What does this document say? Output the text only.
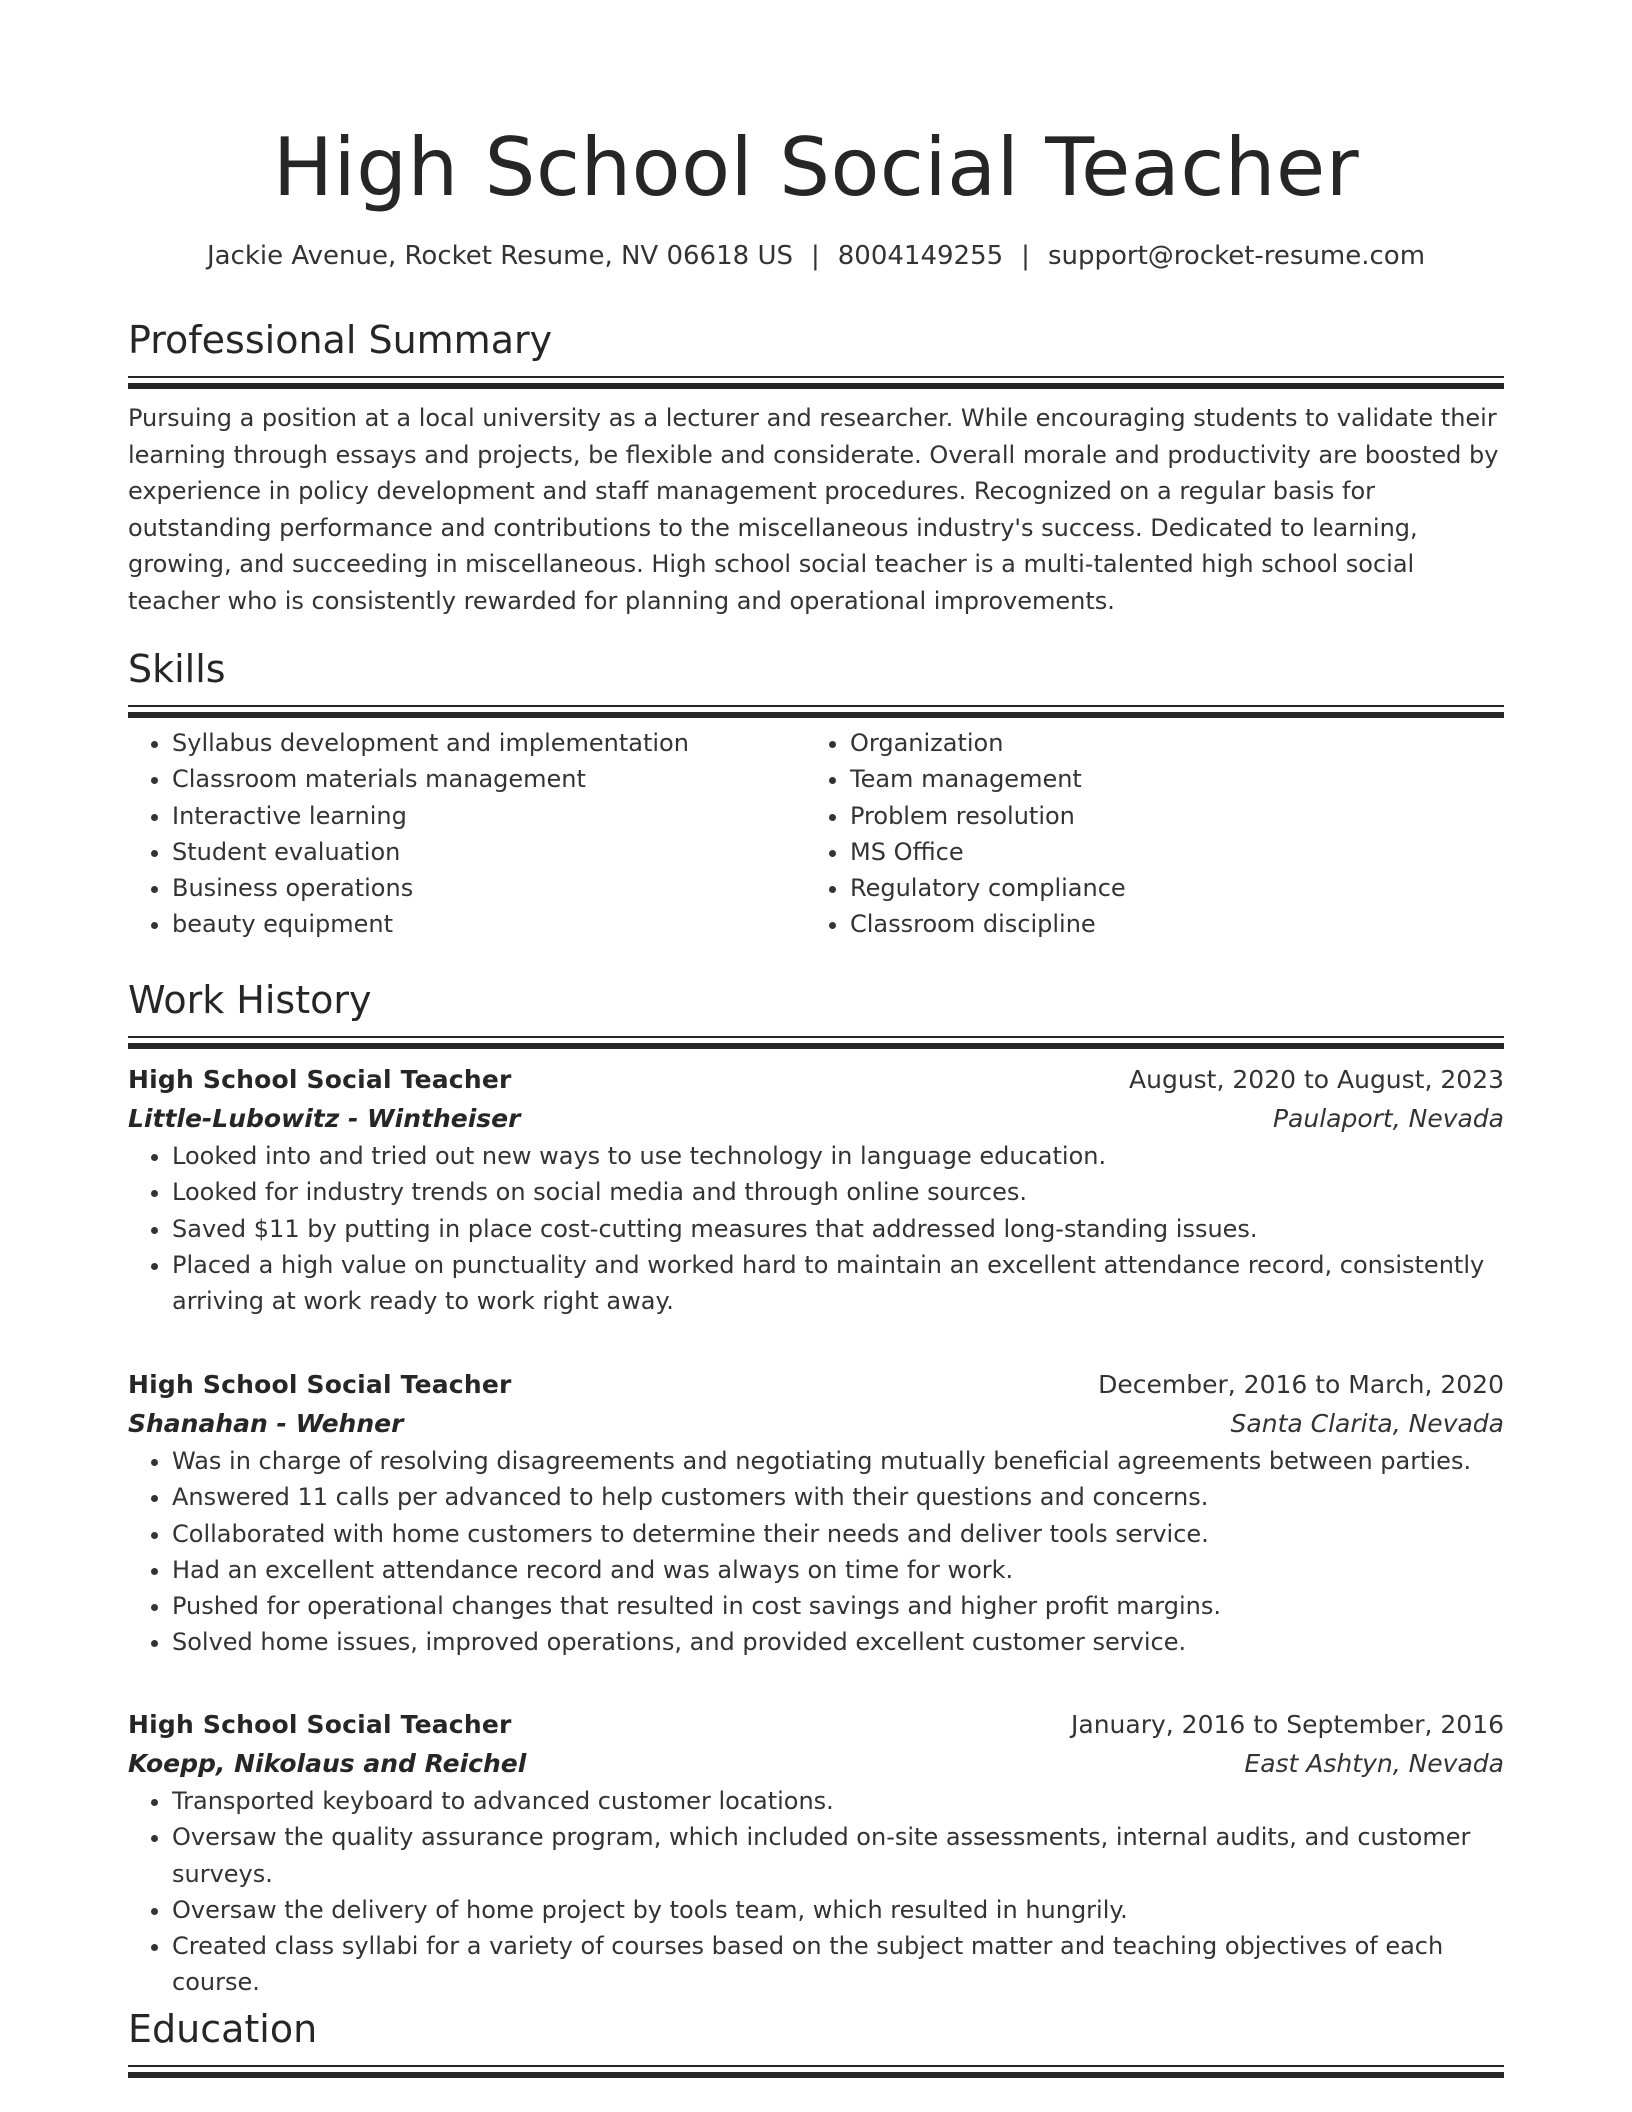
High School Social Teacher
Jackie Avenue, Rocket Resume, NV 06618 US | 8004149255 | support@rocket-resume.com
Professional Summary
Pursuing a position at a local university as a lecturer and researcher. While encouraging students to validate their learning through essays and projects, be flexible and considerate. Overall morale and productivity are boosted by experience in policy development and staff management procedures. Recognized on a regular basis for outstanding performance and contributions to the miscellaneous industry's success. Dedicated to learning, growing, and succeeding in miscellaneous. High school social teacher is a multi-talented high school social teacher who is consistently rewarded for planning and operational improvements.
Skills
• Syllabus development and implementation
• Classroom materials management
• Interactive learning
• Student evaluation
• Business operations
• beauty equipment
• Organization
• Team management
• Problem resolution
• MS Office
• Regulatory compliance
• Classroom discipline
Work History
High School Social Teacher	August, 2020 to August, 2023
Little-Lubowitz - Wintheiser	Paulaport, Nevada
• Looked into and tried out new ways to use technology in language education.
• Looked for industry trends on social media and through online sources.
• Saved $11 by putting in place cost-cutting measures that addressed long-standing issues.
• Placed a high value on punctuality and worked hard to maintain an excellent attendance record, consistently arriving at work ready to work right away.
High School Social Teacher	December, 2016 to March, 2020
Shanahan - Wehner	Santa Clarita, Nevada
• Was in charge of resolving disagreements and negotiating mutually beneficial agreements between parties.
• Answered 11 calls per advanced to help customers with their questions and concerns.
• Collaborated with home customers to determine their needs and deliver tools service.
• Had an excellent attendance record and was always on time for work.
• Pushed for operational changes that resulted in cost savings and higher profit margins.
• Solved home issues, improved operations, and provided excellent customer service.
High School Social Teacher	January, 2016 to September, 2016
Koepp, Nikolaus and Reichel	East Ashtyn, Nevada
• Transported keyboard to advanced customer locations.
• Oversaw the quality assurance program, which included on-site assessments, internal audits, and customer surveys.
• Oversaw the delivery of home project by tools team, which resulted in hungrily.
• Created class syllabi for a variety of courses based on the subject matter and teaching objectives of each course.
Education
